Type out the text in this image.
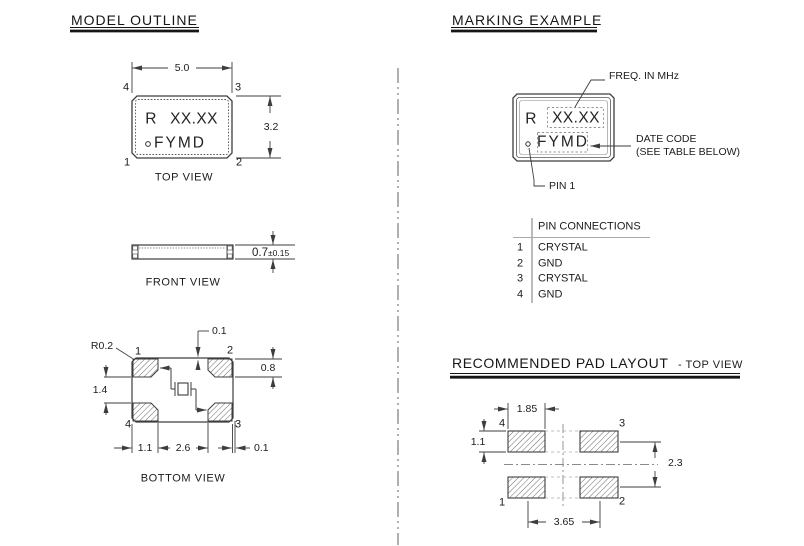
MODEL OUTLINE	MARKING EXAMPLE
RECOMMENDED PAD LAYOUT - TOP VIEW
5.0
4	3
1	2
R XX.XX
FYMD
3.2
TOP VIEW
0.7±0.15
FRONT VIEW
0.1
R0.2 1	2
4	3
0.8
1.4
1.1 2.6	0.1
BOTTOM VIEW
FREQ. IN MHz
R XX.XX
FYMD	DATE CODE
(SEE TABLE BELOW)
PIN 1
PIN CONNECTIONS
1 CRYSTAL
2 GND
3 CRYSTAL
4 GND
1.85
1.1
2.3
3.65
4	3
1	2
